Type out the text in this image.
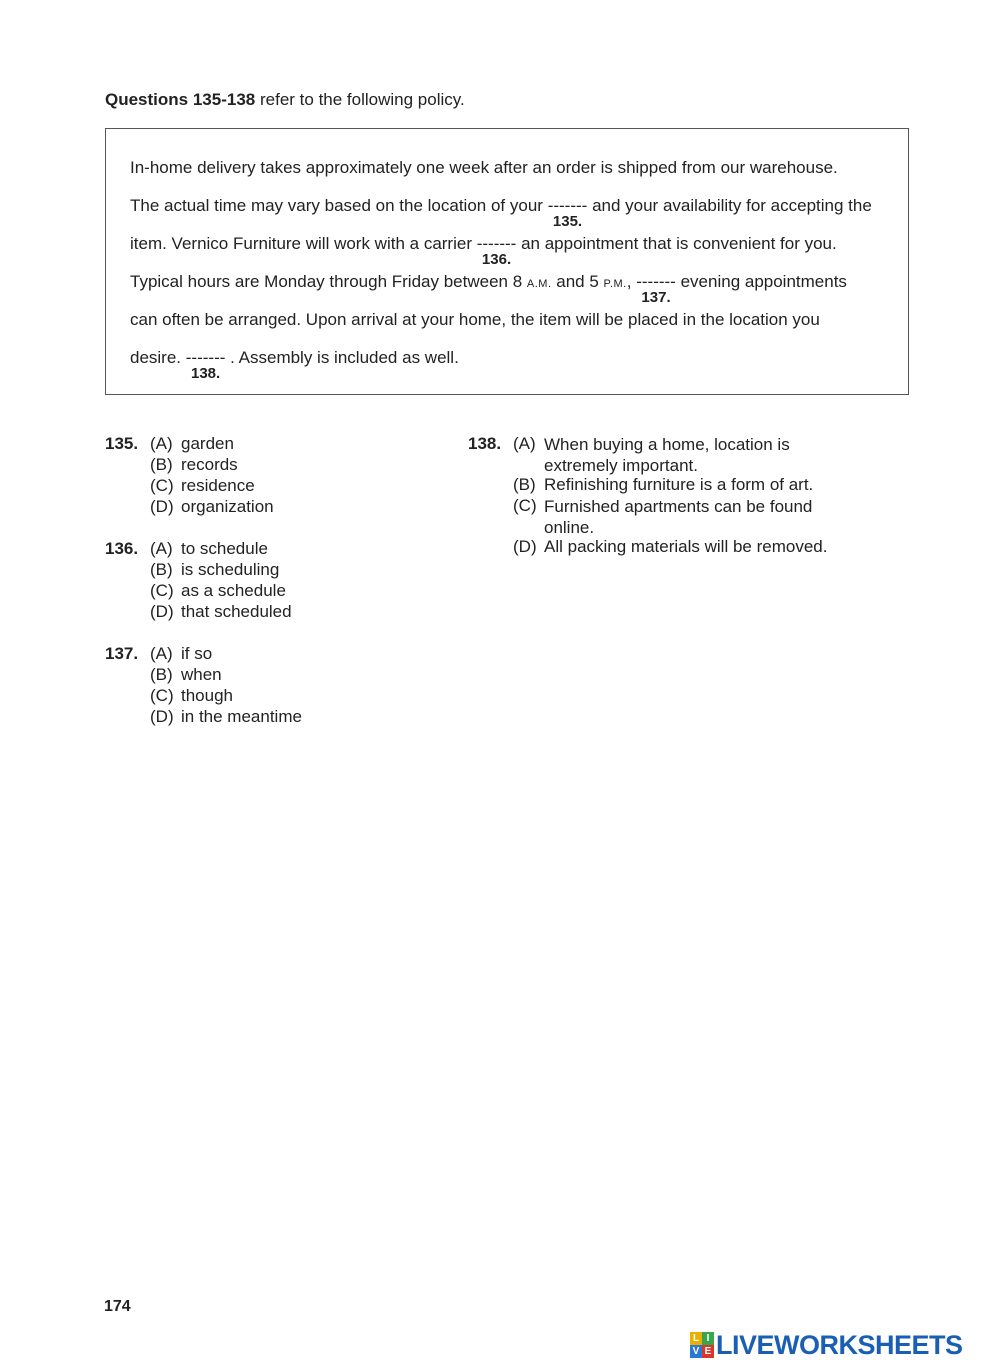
Questions 135-138 refer to the following policy.
In-home delivery takes approximately one week after an order is shipped from our warehouse.
The actual time may vary based on the location of your -------
135.
and your availability for accepting the
item. Vernico Furniture will work with a carrier -------
136.
an appointment that is convenient for you.
Typical hours are Monday through Friday between 8 A.M. and 5 P.M., -------
137.
evening appointments
can often be arranged. Upon arrival at your home, the item will be placed in the location you
desire. -------
138.
. Assembly is included as well.
135. (A) garden
(B) records
(C) residence
(D) organization
136. (A) to schedule
(B) is scheduling
(C) as a schedule
(D) that scheduled
137. (A) if so
(B) when
(C) though
(D) in the meantime
138. (A) When buying a home, location is extremely important.
(B) Refinishing furniture is a form of art.
(C) Furnished apartments can be found online.
(D) All packing materials will be removed.
174
L I
V E LIVEWORKSHEETS
